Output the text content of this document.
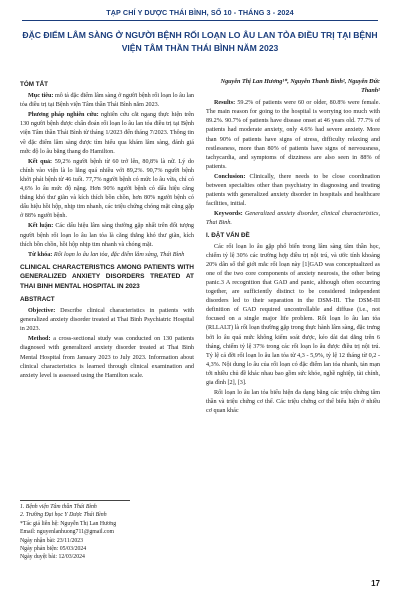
TẠP CHÍ Y DƯỢC THÁI BÌNH, SỐ 10 - THÁNG 3 - 2024
ĐẶC ĐIỂM LÂM SÀNG Ở NGƯỜI BỆNH RỐI LOẠN LO ÂU LAN TỎA ĐIỀU TRỊ TẠI BỆNH VIỆN TÂM THẦN THÁI BÌNH NĂM 2023
TÓM TẮT

Mục tiêu: mô tả đặc điểm lâm sàng ở người bệnh rối loạn lo âu lan tỏa điều trị tại Bệnh viện Tâm thần Thái Bình năm 2023.

Phương pháp nghiên cứu: nghiên cứu cắt ngang thực hiện trên 130 người bệnh được chẩn đoán rối loạn lo âu lan tỏa điều trị tại Bệnh viện Tâm thần Thái Bình từ tháng 1/2023 đến tháng 7/2023. Thông tin về đặc điểm lâm sàng được tìm hiểu qua khám lâm sàng, đánh giá mức độ lo âu bằng thang đo Hamilton.

Kết quả: 59,2% người bệnh từ 60 trở lên, 80,8% là nữ. Lý do chính vào viện là lo lắng quá nhiều với 89,2%. 90,7% người bệnh khởi phát bệnh từ 46 tuổi. 77,7% người bệnh có mức lo âu vừa, chỉ có 4,6% lo âu mức độ nặng. Hơn 90% người bệnh có dấu hiệu căng thẳng khó thư giãn và kích thích bồn chồn, hơn 80% người bệnh có dấu hiệu hồi hộp, nhịp tim nhanh, các triệu chứng chóng mặt cũng gặp ở 88% người bệnh.

Kết luận: Các dấu hiệu lâm sàng thường gặp nhất trên đối tượng người bệnh rối loạn lo âu lan tỏa là căng thẳng khó thư giãn, kích thích bồn chồn, hồi hộp nhịp tim nhanh và chóng mặt.

Từ khóa: Rối loạn lo âu lan tỏa, đặc điểm lâm sàng, Thái Bình

CLINICAL CHARACTERISTICS AMONG PATIENTS WITH GENERALIZED ANXIETY DISORDERS TREATED AT THAI BINH MENTAL HOSPITAL IN 2023
ABSTRACT

Objective: Describe clinical characteristics in patients with generalized anxiety disorder treated at Thai Binh Psychiatric Hospital in 2023.

Method: a cross-sectional study was conducted on 130 patients diagnosed with generalized anxiety disorder treated at Thai Binh Mental Hospital from January 2023 to July 2023. Information about clinical characteristics is learned through clinical examination and anxiety level is assessed using the Hamilton scale.

1. Bệnh viện Tâm thần Thái Bình
2. Trường Đại học Y Dược Thái Bình
*Tác giả liên hệ: Nguyễn Thị Lan Hương
Email: nguyenlanhuong711@gmail.com
Ngày nhận bài: 23/11/2023
Ngày phản biện: 05/03/2024
Ngày duyệt bài: 12/03/2024
Nguyễn Thị Lan Hương¹*, Nguyễn Thanh Bình², Nguyễn Đức Thanh²

Results: 59.2% of patients were 60 or older, 80.8% were female. The main reason for going to the hospital is worrying too much with 89.2%. 90.7% of patients have disease onset at 46 years old. 77.7% of patients had moderate anxiety, only 4.6% had severe anxiety. More than 90% of patients have signs of stress, difficulty relaxing and restlessness, more than 80% of patients have signs of nervousness, tachycardia, and symptoms of dizziness are also seen in 88% of patients.

Conclusion: Clinically, there needs to be close coordination between specialties other than psychiatry in diagnosing and treating patients with generalized anxiety disorder in hospitals and healthcare facilities, initial.

Keywords: Generalized anxiety disorder, clinical characteristics, Thai Binh.

I. ĐẶT VẤN ĐỀ

Các rối loạn lo âu gặp phổ biến trong lâm sàng tâm thần học, chiếm tỷ lệ 30% các trường hợp điều trị nội trú, và ước tính khoảng 20% dân số thế giới mắc rối loạn này [1]GAD was conceptualized as one of the two core components of anxiety neurosis, the other being panic.3 A recognition that GAD and panic, although often occurring together, are sufficiently distinct to be considered independent disorders led to their separation in the DSM-III. The DSM-III definition of GAD required uncontrollable and diffuse (i.e., not focused on a single major life problem. Rối loạn lo âu lan tỏa (RLLALT) là rối loạn thường gặp trong thực hành lâm sàng, đặc trưng bởi lo âu quá mức không kiểm soát được, kéo dài dai dẳng trên 6 tháng, chiếm tỷ lệ 37% trong các rối loạn lo âu được điều trị nội trú. Tỷ lệ cả đời rối loạn lo âu lan tỏa từ 4,3 - 5,9%, tỷ lệ 12 tháng từ 0,2 - 4,3%. Nội dung lo âu của rối loạn có đặc điểm lan tỏa nhanh, tản mạn tới nhiều chủ đề khác nhau bao gồm sức khỏe, nghề nghiệp, tài chính, gia đình [2], [3].

Rối loạn lo âu lan tỏa biểu hiện đa dạng bằng các triệu chứng tâm thần và triệu chứng cơ thể. Các triệu chứng cơ thể biểu hiện ở nhiều cơ quan khác

17
